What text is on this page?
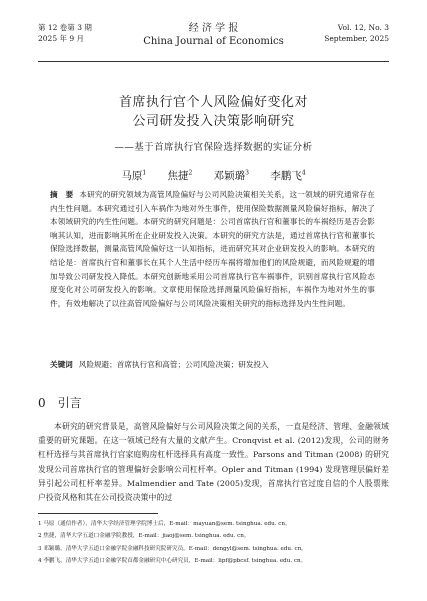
第 12 卷第 3 期
2025 年 9 月
经 济 学 报
China Journal of Economics
Vol. 12, No. 3
September, 2025
首席执行官个人风险偏好变化对
公司研发投入决策影响研究
——基于首席执行官保险选择数据的实证分析
马原$^1$ 焦捷$^2$ 邓颖璐$^3$ 李鹏飞$^4$
摘　要 本研究的研究领域为高管风险偏好与公司风险决策相关关系，这一领域的研究通常存在内生性问题。本研究通过引入车祸作为地对外生事件，使用保险数据测量风险偏好指标，解决了本领域研究的内生性问题。本研究的研究问题是：公司首席执行官和董事长的车祸经历是否会影响其认知，进而影响其所在企业研发投入决策。本研究的研究方法是，通过首席执行官和董事长保险选择数据，测量高管风险偏好这一认知指标，进而研究其对企业研发投入的影响。本研究的结论是：首席执行官和董事长在其个人生活中经历车祸将增加他们的风险规避，而风险规避的增加导致公司研发投入降低。本研究创新地采用公司首席执行官车祸事件，识别首席执行官风险态度变化对公司研发投入的影响。文章使用保险选择测量风险偏好指标，车祸作为地对外生的事件，有效地解决了以往高管风险偏好与公司风险决策相关研究的指标选择及内生性问题。
关键词 风险规避；首席执行官和高管；公司风险决策；研发投入
0 引言
本研究的研究背景是，高管风险偏好与公司风险决策之间的关系，一直是经济、管理、金融领域重要的研究课题。在这一领域已经有大量的文献产生。Cronqvist et al. (2012)发现，公司的财务杠杆选择与其首席执行官家庭购房杠杆选择具有高度一致性。Parsons and Titman (2008) 的研究发现公司首席执行官的管理偏好会影响公司杠杆率。Opler and Titman (1994) 发现管理层偏好差异引起公司杠杆率差异。Malmendier and Tate (2005)发现，首席执行官过度自信的个人股票账户投资风格和其在公司投资决策中的过
1 马原（通信作者），清华大学经济管理学院博士后，E-mail：mayuan@sem. tsinghua. edu. cn。
2 焦捷，清华大学五道口金融学院教授，E-mail：jiaoj@sem. tsinghua. edu. cn。
3 邓颖璐，清华大学五道口金融学院金融科技研究院研究员，E-mail：dengyl@sem. tsinghua. edu. cn。
4 李鹏飞，清华大学五道口金融学院首都金融研究中心研究员，E-mail：lipf@pbcsf. tsinghua. edu. cn。
